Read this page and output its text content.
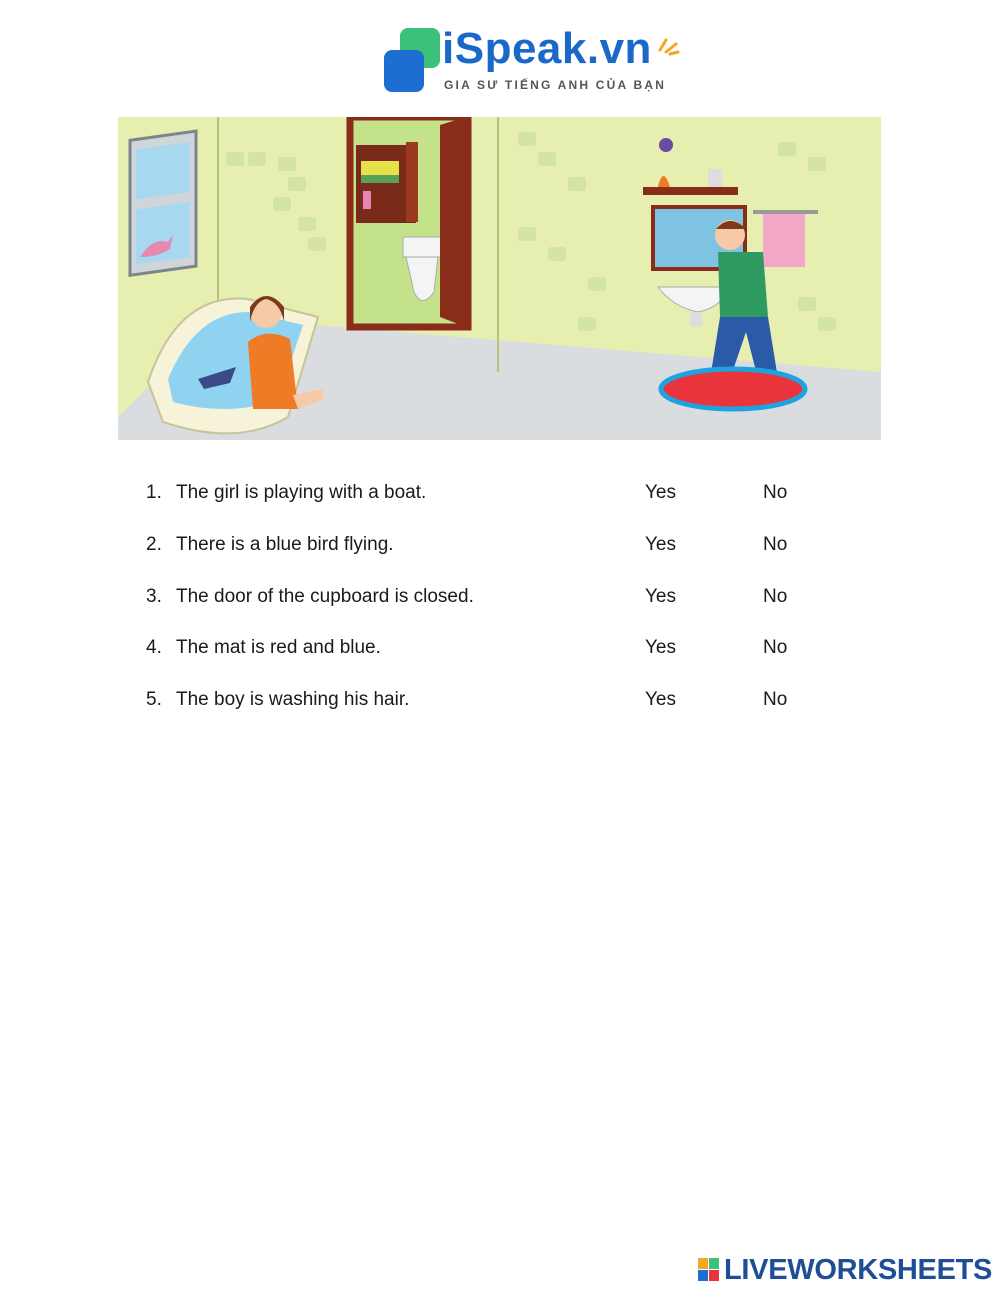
iSpeak.vn
GIA SƯ TIẾNG ANH CỦA BẠN
1. The girl is playing with a boat.	Yes	No
2. There is a blue bird flying.	Yes	No
3. The door of the cupboard is closed.	Yes	No
4. The mat is red and blue.	Yes	No
5. The boy is washing his hair.	Yes	No
LIVEWORKSHEETS
